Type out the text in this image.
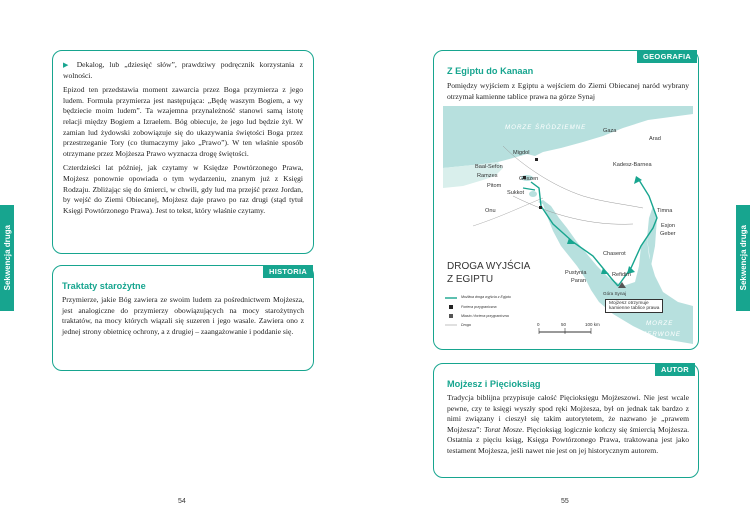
Sekwencja druga	Sekwencja druga

▶ Dekalog, lub „dziesięć słów”, prawdziwy podręcznik korzystania z wolności.

Epizod ten przedstawia moment zawarcia przez Boga przymierza z jego ludem. Formuła przymierza jest następująca: „Będę waszym Bogiem, a wy będziecie moim ludem”. Ta wzajemna przynależność stanowi samą istotę relacji między Bogiem a Izraelem. Bóg obiecuje, że jego lud będzie żył. W zamian lud żydowski zobowiązuje się do ukazywania świętości Boga przez przestrzeganie Tory (co tłumaczymy jako „Prawo”). W ten właśnie sposób otrzymane przez Mojżesza Prawo wyznacza drogę świętości.

Czterdzieści lat później, jak czytamy w Księdze Powtórzonego Prawa, Mojżesz ponownie opowiada o tym wydarzeniu, znanym już z Księgi Rodzaju. Zbliżając się do śmierci, w chwili, gdy lud ma przejść przez Jordan, by wejść do Ziemi Obiecanej, Mojżesz daje prawo po raz drugi (stąd tytuł Księgi Powtórzonego Prawa). Jest to tekst, który właśnie czytamy.

HISTORIA
Traktaty starożytne

Przymierze, jakie Bóg zawiera ze swoim ludem za pośrednictwem Mojżesza, jest analogiczne do przymierzy obowiązujących na mocy starożytnych traktatów, na mocy których wiązali się suzeren i jego wasale. Zawiera ono z jednej strony obietnicę ochrony, a z drugiej – zaangażowanie i poddanie się.

54
GEOGRAFIA
Z Egiptu do Kanaan

Pomiędzy wyjściem z Egiptu a wejściem do Ziemi Obiecanej naród wybrany otrzymał kamienne tablice prawa na górze Synaj

MORZE ŚRÓDZIEMNE
MORZE
CZERWONE
Gaza
Arad
Migdol
Baal-Sefon
Ramzes	Goszen
Pitom
Sukkot
Onu
Kadesz-Barnea
Timna
Esjon
Geber
Chaserot
Pustynia
Paran
Refidim
Góra Synaj
Mojżesz otrzymuje
kamienne tablice prawa
DROGA WYJŚCIA
Z EGIPTU
Możliwa droga wyjścia z Egiptu
Forteca przygraniczna
Miasto i forteca przygraniczna
Droga	0	50	100 km
AUTOR
Mojżesz i Pięcioksiąg

Tradycja biblijna przypisuje całość Pięcioksięgu Mojżeszowi. Nie jest wcale pewne, czy te księgi wyszły spod ręki Mojżesza, był on jednak tak bardzo z nimi związany i cieszył się takim autorytetem, że nazwano je „prawem Mojżesza”: Torat Mosze. Pięcioksiąg logicznie kończy się śmiercią Mojżesza. Ostatnia z pięciu ksiąg, Księga Powtórzonego Prawa, traktowana jest jako testament Mojżesza, jeśli nawet nie jest on jej historycznym autorem.

55
